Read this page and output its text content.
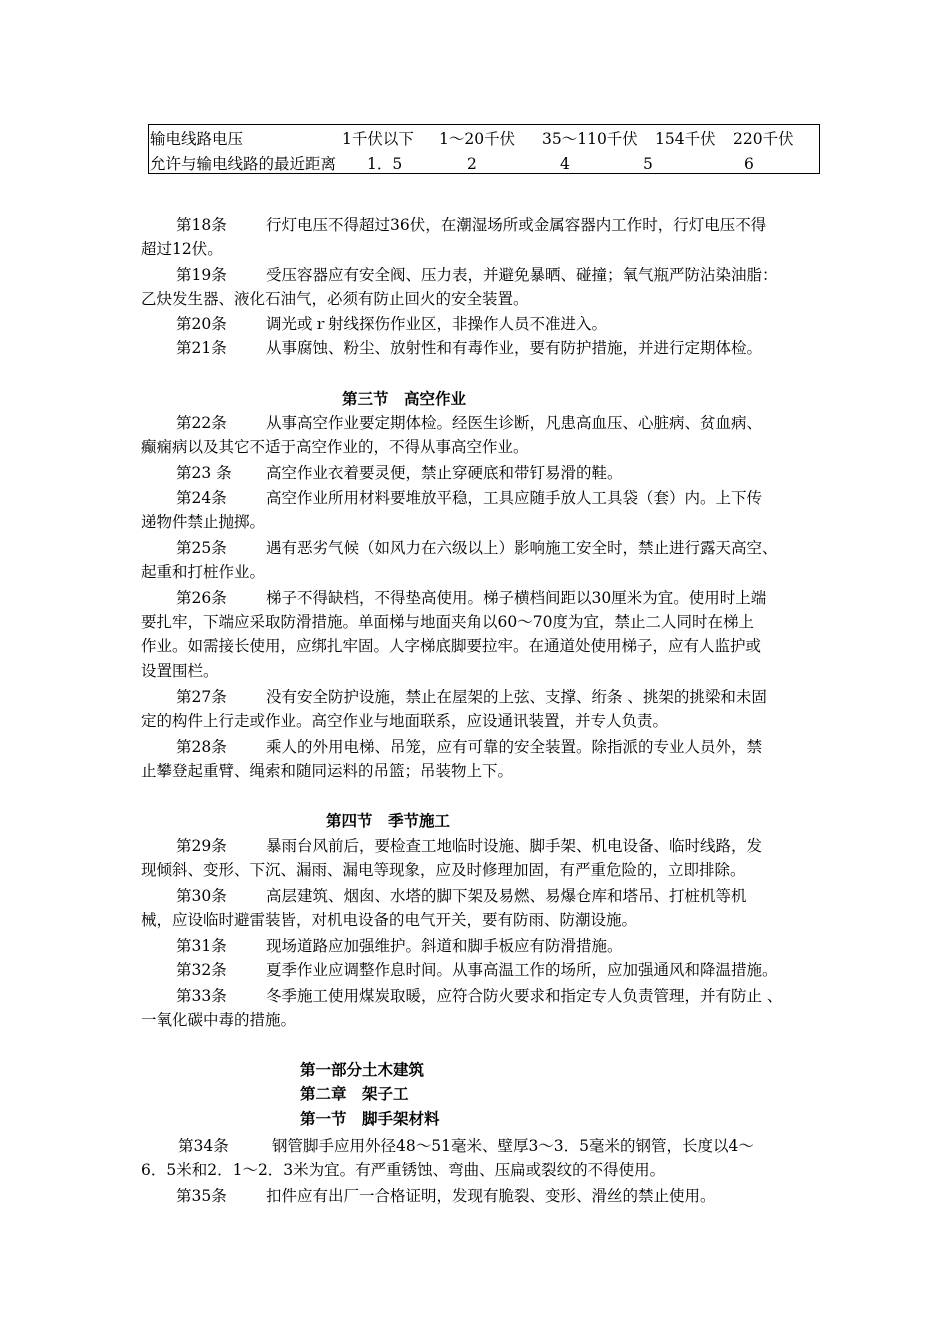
输电线路电压	1千伏以下 1～20千伏 35～110千伏 154千伏 220千伏
允许与输电线路的最近距离 1．5	2	4	5	6
第18条	行灯电压不得超过36伏，在潮湿场所或金属容器内工作时，行灯电压不得
超过12伏。
第19条	受压容器应有安全阀、压力表，并避免暴晒、碰撞；氧气瓶严防沾染油脂：
乙炔发生器、液化石油气，必须有防止回火的安全装置。
第20条	调光或ｒ射线探伤作业区，非操作人员不准进入。
第21条	从事腐蚀、粉尘、放射性和有毒作业，要有防护措施，并进行定期体检。
第三节　高空作业
第22条	从事高空作业要定期体检。经医生诊断，凡患高血压、心脏病、贫血病、
癫痫病以及其它不适于高空作业的，不得从事高空作业。
第23 条 高空作业衣着要灵便，禁止穿硬底和带钉易滑的鞋。
第24条	高空作业所用材料要堆放平稳，工具应随手放人工具袋（套）内。上下传
递物件禁止抛掷。
第25条	遇有恶劣气候（如风力在六级以上）影响施工安全时，禁止进行露天高空、
起重和打桩作业。
第26条	梯子不得缺档，不得垫高使用。梯子横档间距以30厘米为宜。使用时上端
要扎牢，下端应采取防滑措施。单面梯与地面夹角以60～70度为宜，禁止二人同时在梯上
作业。如需接长使用，应绑扎牢固。人字梯底脚要拉牢。在通道处使用梯子，应有人监护或
设置围栏。
第27条	没有安全防护设施，禁止在屋架的上弦、支撑、绗条 、挑架的挑梁和未固
定的构件上行走或作业。高空作业与地面联系，应设通讯装置，并专人负责。
第28条	乘人的外用电梯、吊笼，应有可靠的安全装置。除指派的专业人员外，禁
止攀登起重臂、绳索和随同运料的吊篮；吊装物上下。
第四节　季节施工
第29条	暴雨台风前后，要检查工地临时设施、脚手架、机电设备、临时线路，发
现倾斜、变形、下沉、漏雨、漏电等现象，应及时修理加固，有严重危险的，立即排除。
第30条	高层建筑、烟囱、水塔的脚下架及易燃、易爆仓库和塔吊、打桩机等机
械，应设临时避雷装皆，对机电设备的电气开关，要有防雨、防潮设施。
第31条	现场道路应加强维护。斜道和脚手板应有防滑措施。
第32条	夏季作业应调整作息时间。从事高温工作的场所，应加强通风和降温措施。
第33条	冬季施工使用煤炭取暖，应符合防火要求和指定专人负责管理，并有防止 、
一氧化碳中毒的措施。
第一部分土木建筑
第二章　架子工
第一节　脚手架材料
第34条	钢管脚手应用外径48～51毫米、壁厚3～3．5毫米的钢管，长度以4～
6．5米和2．1～2．3米为宜。有严重锈蚀、弯曲、压扁或裂纹的不得使用。
第35条	扣件应有出厂一合格证明，发现有脆裂、变形、滑丝的禁止使用。
